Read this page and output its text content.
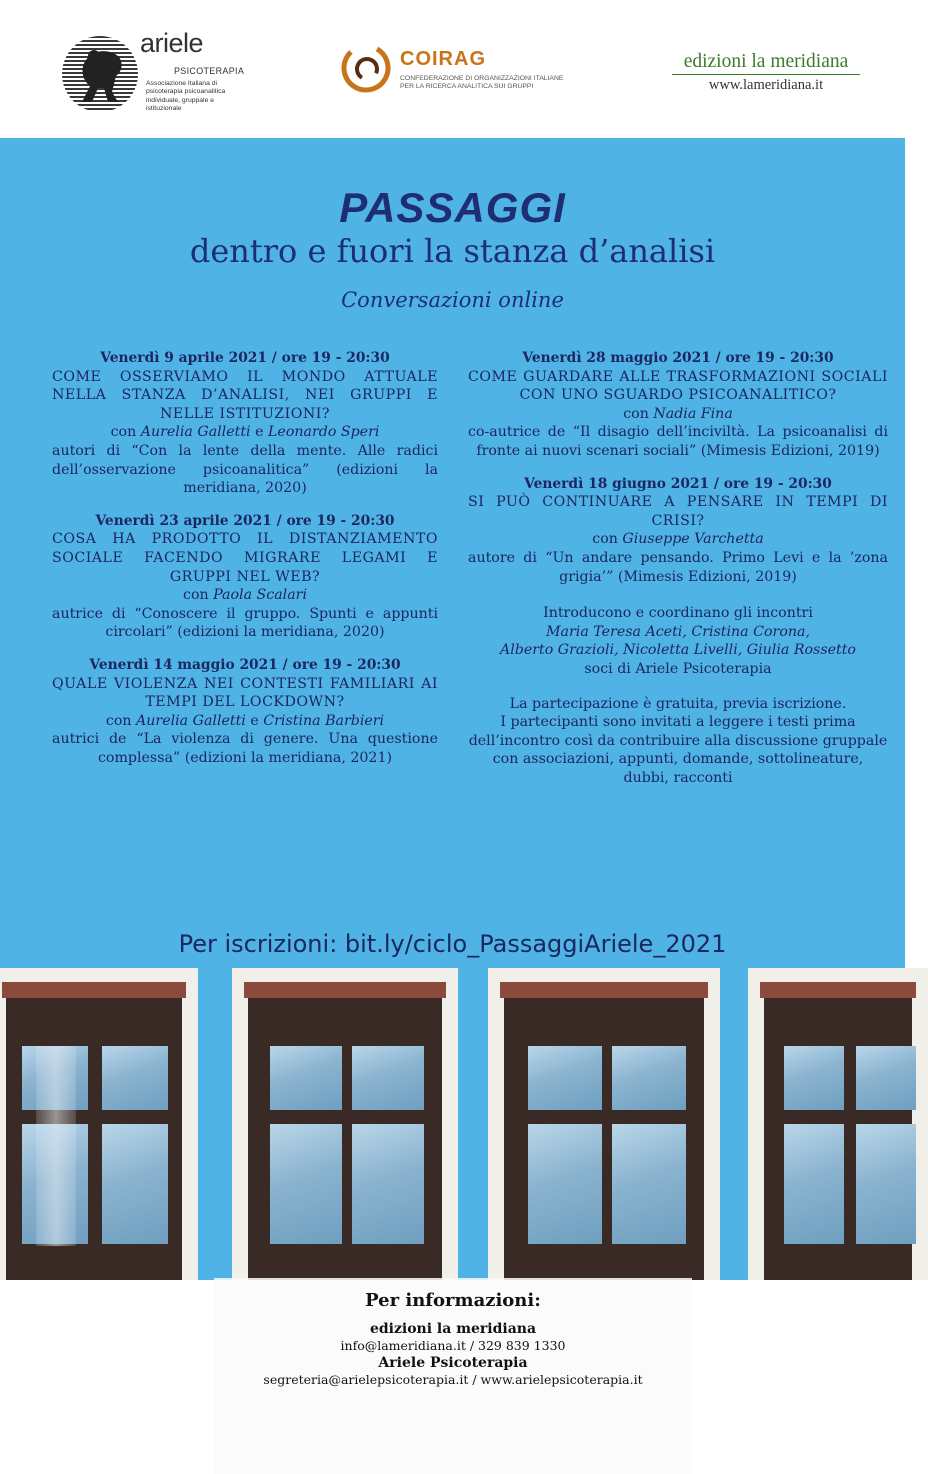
ariele
PSICOTERAPIA
Associazione Italiana di
psicoterapia psicoanalitica
individuale, gruppale e
istituzionale
COIRAG
CONFEDERAZIONE DI ORGANIZZAZIONI ITALIANE
PER LA RICERCA ANALITICA SUI GRUPPI
edizioni la meridiana
www.lameridiana.it
PASSAGGI
dentro e fuori la stanza d’analisi
Conversazioni online
Venerdì 9 aprile 2021 / ore 19 - 20:30
COME OSSERVIAMO IL MONDO ATTUALE NELLA STANZA D’ANALISI, NEI GRUPPI E NELLE ISTITUZIONI?
con Aurelia Galletti e Leonardo Speri
autori di “Con la lente della mente. Alle radici dell’osservazione psicoanalitica” (edizioni la meridiana, 2020)
Venerdì 23 aprile 2021 / ore 19 - 20:30
COSA HA PRODOTTO IL DISTANZIAMENTO SOCIALE FACENDO MIGRARE LEGAMI E GRUPPI NEL WEB?
con Paola Scalari
autrice di “Conoscere il gruppo. Spunti e appunti circolari” (edizioni la meridiana, 2020)
Venerdì 14 maggio 2021 / ore 19 - 20:30
QUALE VIOLENZA NEI CONTESTI FAMILIARI AI TEMPI DEL LOCKDOWN?
con Aurelia Galletti e Cristina Barbieri
autrici de “La violenza di genere. Una questione complessa” (edizioni la meridiana, 2021)
Venerdì 28 maggio 2021 / ore 19 - 20:30
COME GUARDARE ALLE TRASFORMAZIONI SOCIALI CON UNO SGUARDO PSICOANALITICO?
con Nadia Fina
co-autrice de “Il disagio dell’inciviltà. La psicoanalisi di fronte ai nuovi scenari sociali” (Mimesis Edizioni, 2019)
Venerdì 18 giugno 2021 / ore 19 - 20:30
SI PUÒ CONTINUARE A PENSARE IN TEMPI DI CRISI?
con Giuseppe Varchetta
autore di “Un andare pensando. Primo Levi e la ’zona grigia’” (Mimesis Edizioni, 2019)
Introducono e coordinano gli incontri
Maria Teresa Aceti, Cristina Corona,
Alberto Grazioli, Nicoletta Livelli, Giulia Rossetto
soci di Ariele Psicoterapia
La partecipazione è gratuita, previa iscrizione.
I partecipanti sono invitati a leggere i testi prima dell’incontro così da contribuire alla discussione gruppale con associazioni, appunti, domande, sottolineature, dubbi, racconti
Per iscrizioni: bit.ly/ciclo_PassaggiAriele_2021
Per informazioni:
edizioni la meridiana
info@lameridiana.it / 329 839 1330
Ariele Psicoterapia
segreteria@arielepsicoterapia.it / www.arielepsicoterapia.it
